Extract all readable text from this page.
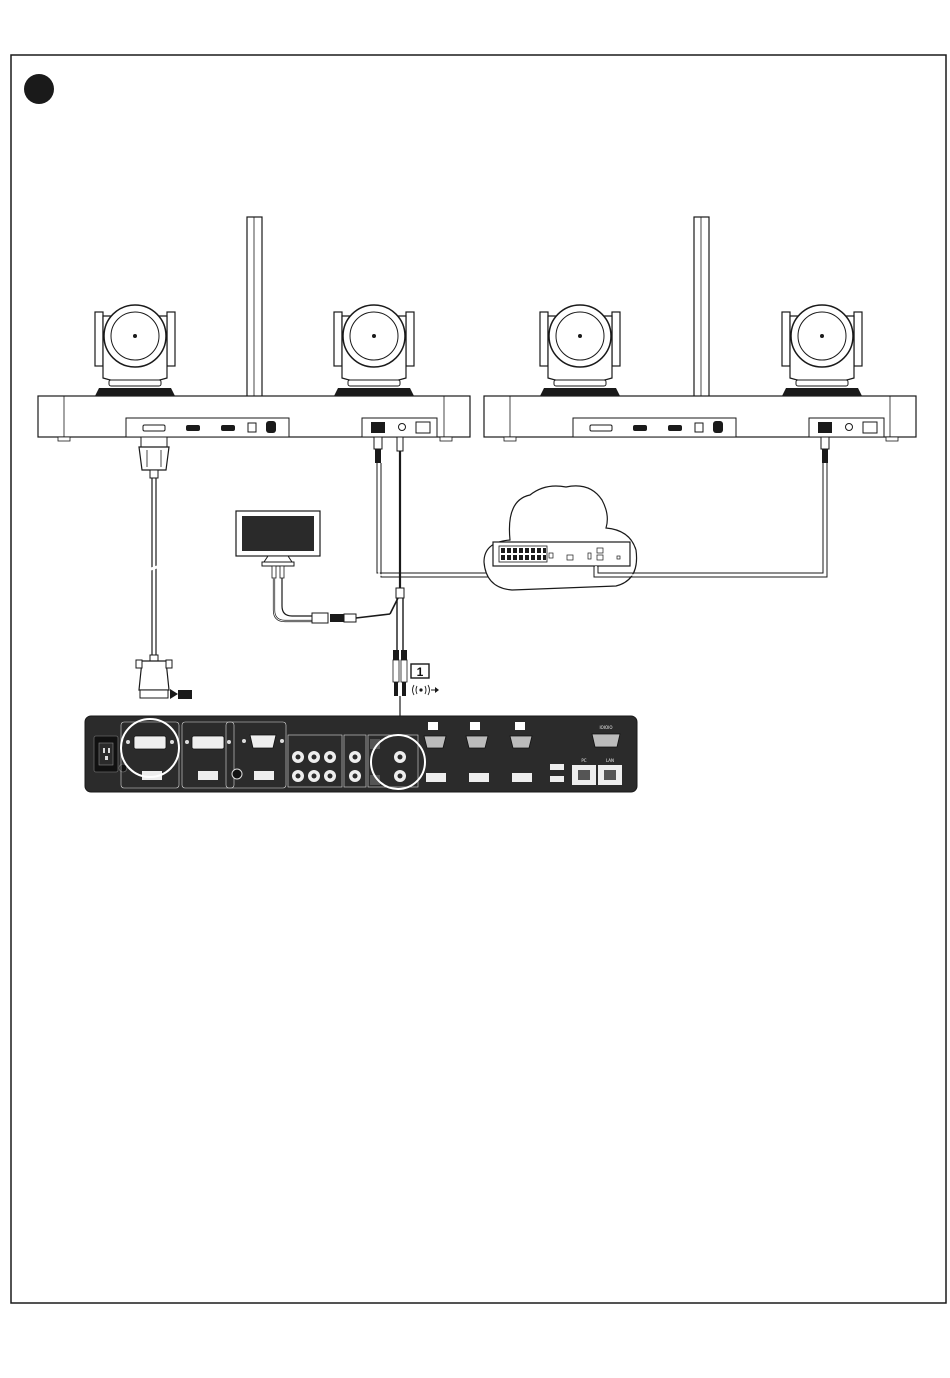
1
IOIOIO
PC	LAN
